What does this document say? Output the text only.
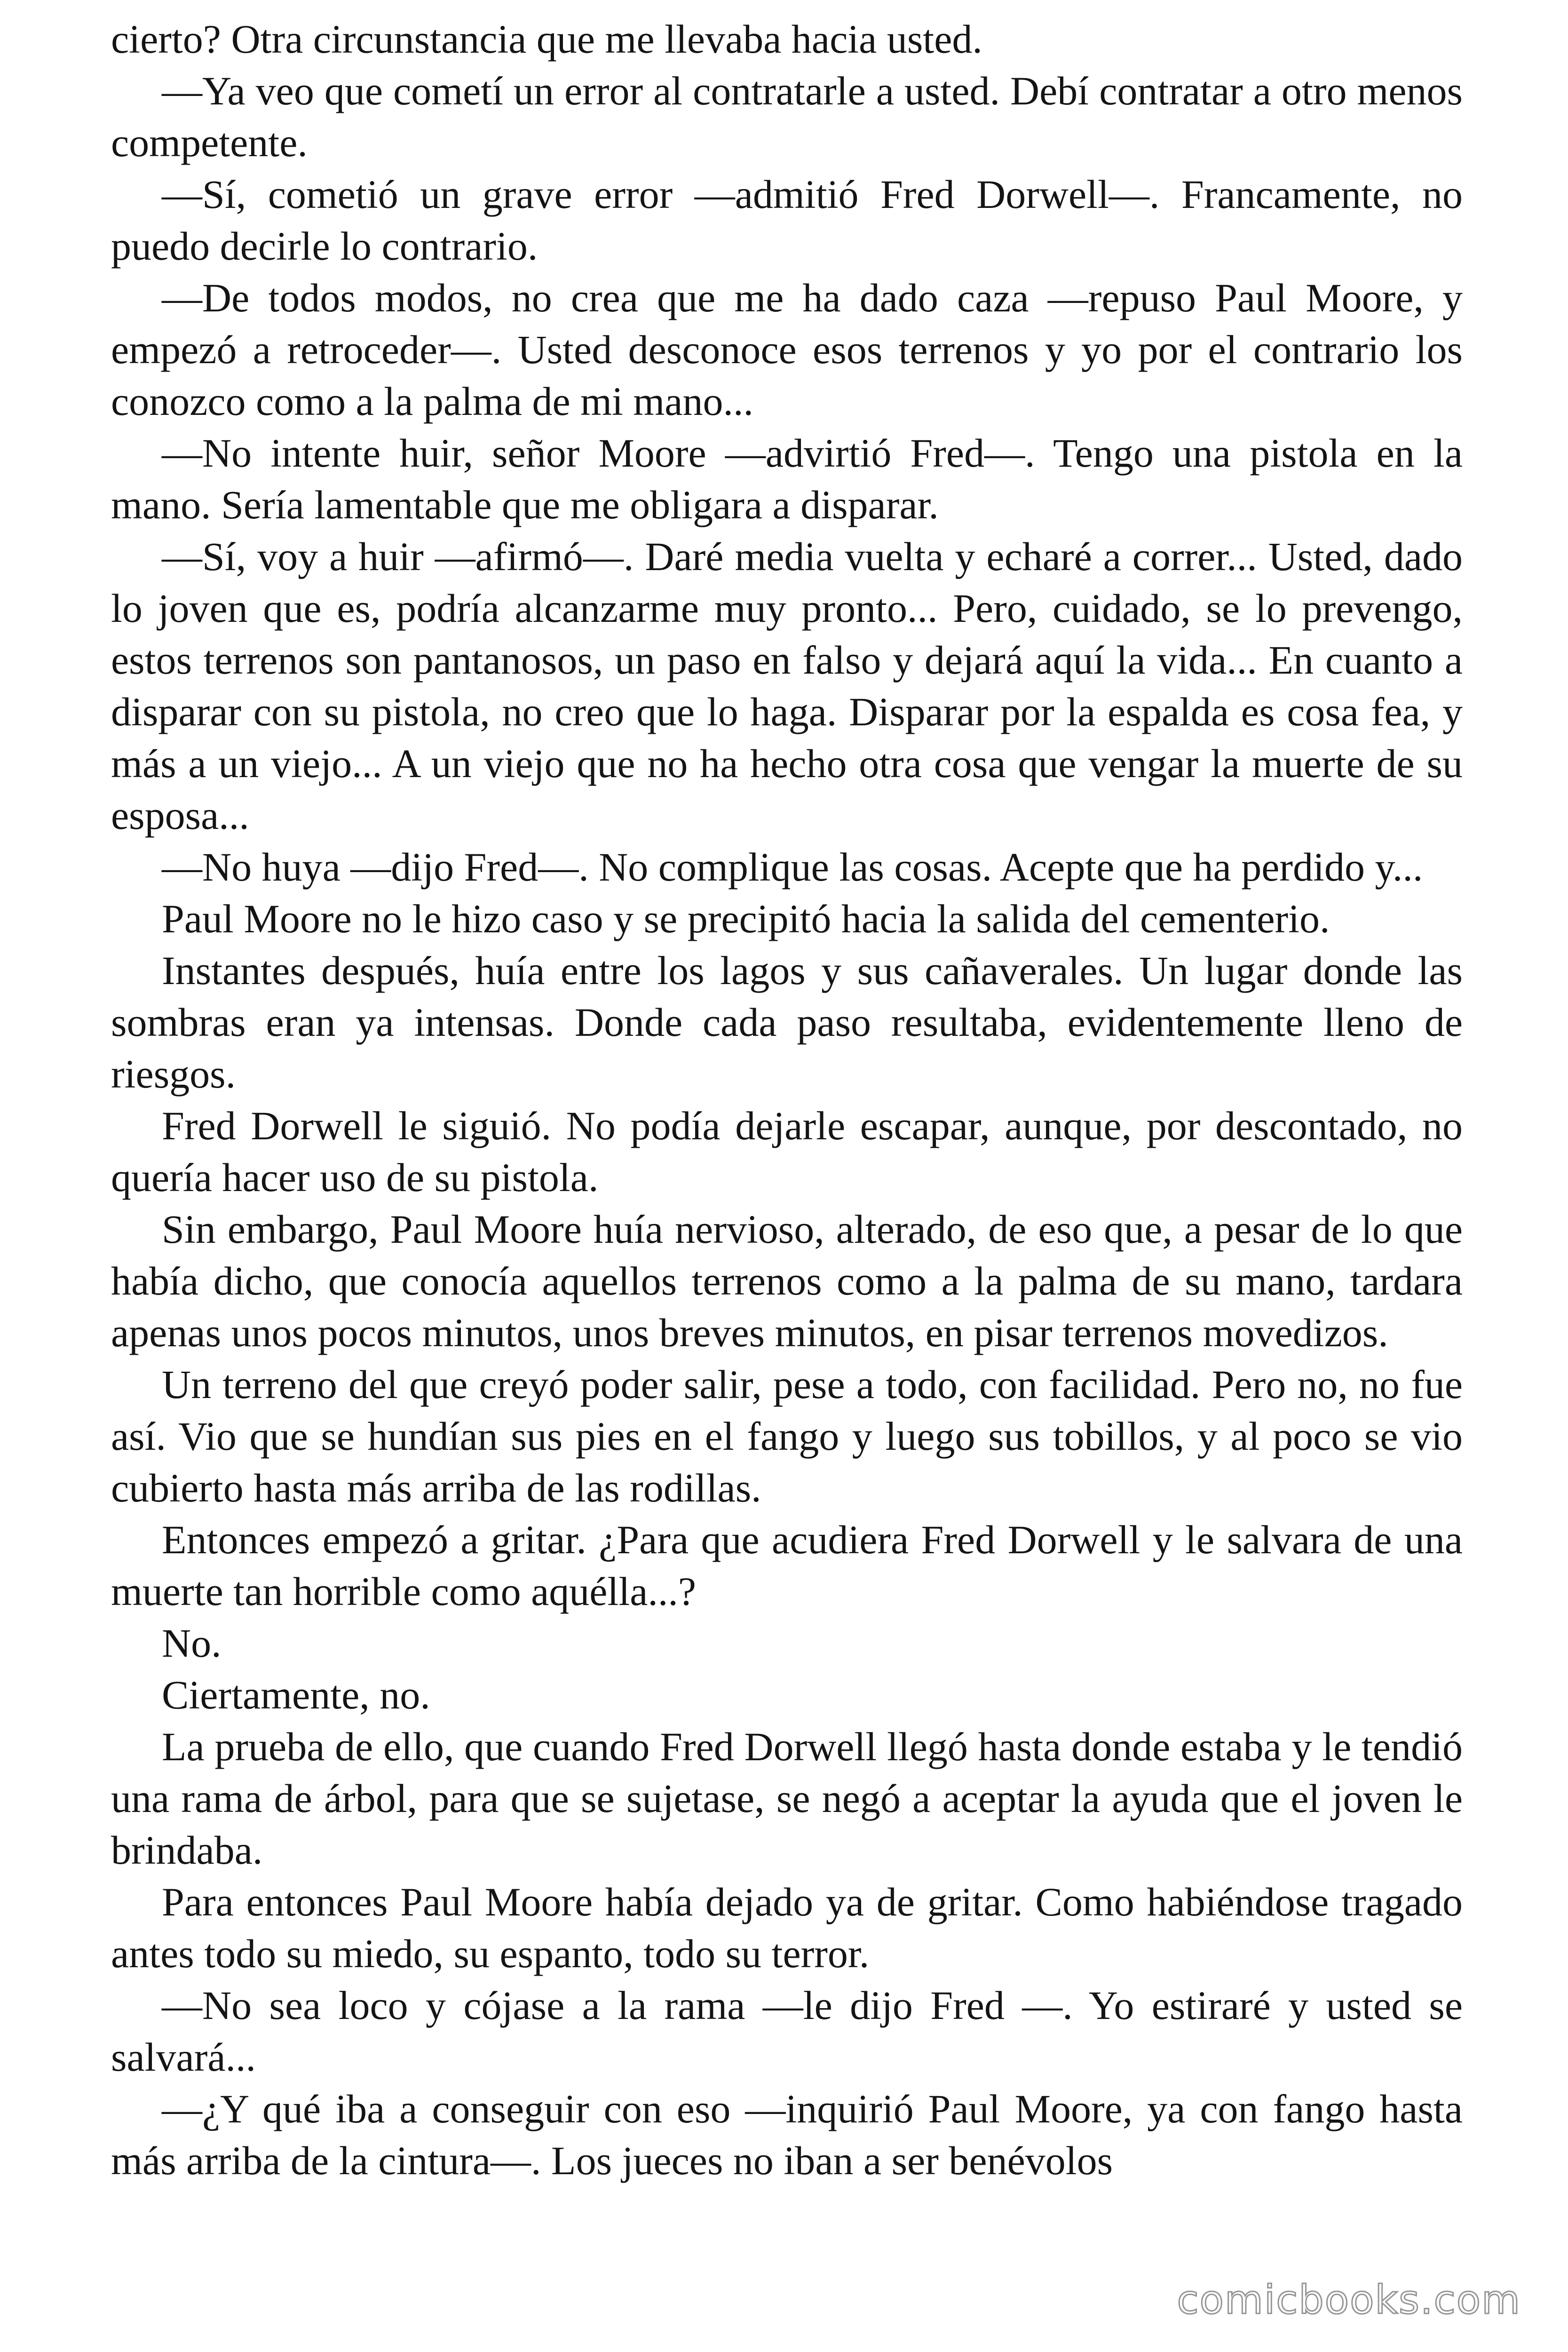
cierto? Otra circunstancia que me llevaba hacia usted.

—Ya veo que cometí un error al contratarle a usted. Debí contratar a otro menos competente.

—Sí, cometió un grave error —admitió Fred Dorwell—. Francamente, no puedo decirle lo contrario.

—De todos modos, no crea que me ha dado caza —repuso Paul Moore, y empezó a retroceder—. Usted desconoce esos terrenos y yo por el contrario los conozco como a la palma de mi mano...

—No intente huir, señor Moore —advirtió Fred—. Tengo una pistola en la mano. Sería lamentable que me obligara a disparar.

—Sí, voy a huir —afirmó—. Daré media vuelta y echaré a correr... Usted, dado lo joven que es, podría alcanzarme muy pronto... Pero, cuidado, se lo prevengo, estos terrenos son pantanosos, un paso en falso y dejará aquí la vida... En cuanto a disparar con su pistola, no creo que lo haga. Disparar por la espalda es cosa fea, y más a un viejo... A un viejo que no ha hecho otra cosa que vengar la muerte de su esposa...

—No huya —dijo Fred—. No complique las cosas. Acepte que ha perdido y...

Paul Moore no le hizo caso y se precipitó hacia la salida del cementerio.

Instantes después, huía entre los lagos y sus cañaverales. Un lugar donde las sombras eran ya intensas. Donde cada paso resultaba, evidentemente lleno de riesgos.

Fred Dorwell le siguió. No podía dejarle escapar, aunque, por descontado, no quería hacer uso de su pistola.

Sin embargo, Paul Moore huía nervioso, alterado, de eso que, a pesar de lo que había dicho, que conocía aquellos terrenos como a la palma de su mano, tardara apenas unos pocos minutos, unos breves minutos, en pisar terrenos movedizos.

Un terreno del que creyó poder salir, pese a todo, con facilidad. Pero no, no fue así. Vio que se hundían sus pies en el fango y luego sus tobillos, y al poco se vio cubierto hasta más arriba de las rodillas.

Entonces empezó a gritar. ¿Para que acudiera Fred Dorwell y le salvara de una muerte tan horrible como aquélla...?

No.

Ciertamente, no.

La prueba de ello, que cuando Fred Dorwell llegó hasta donde estaba y le tendió una rama de árbol, para que se sujetase, se negó a aceptar la ayuda que el joven le brindaba.

Para entonces Paul Moore había dejado ya de gritar. Como habiéndose tragado antes todo su miedo, su espanto, todo su terror.

—No sea loco y cójase a la rama —le dijo Fred —. Yo estiraré y usted se salvará...

—¿Y qué iba a conseguir con eso —inquirió Paul Moore, ya con fango hasta más arriba de la cintura—. Los jueces no iban a ser benévolos

comicbooks.com
